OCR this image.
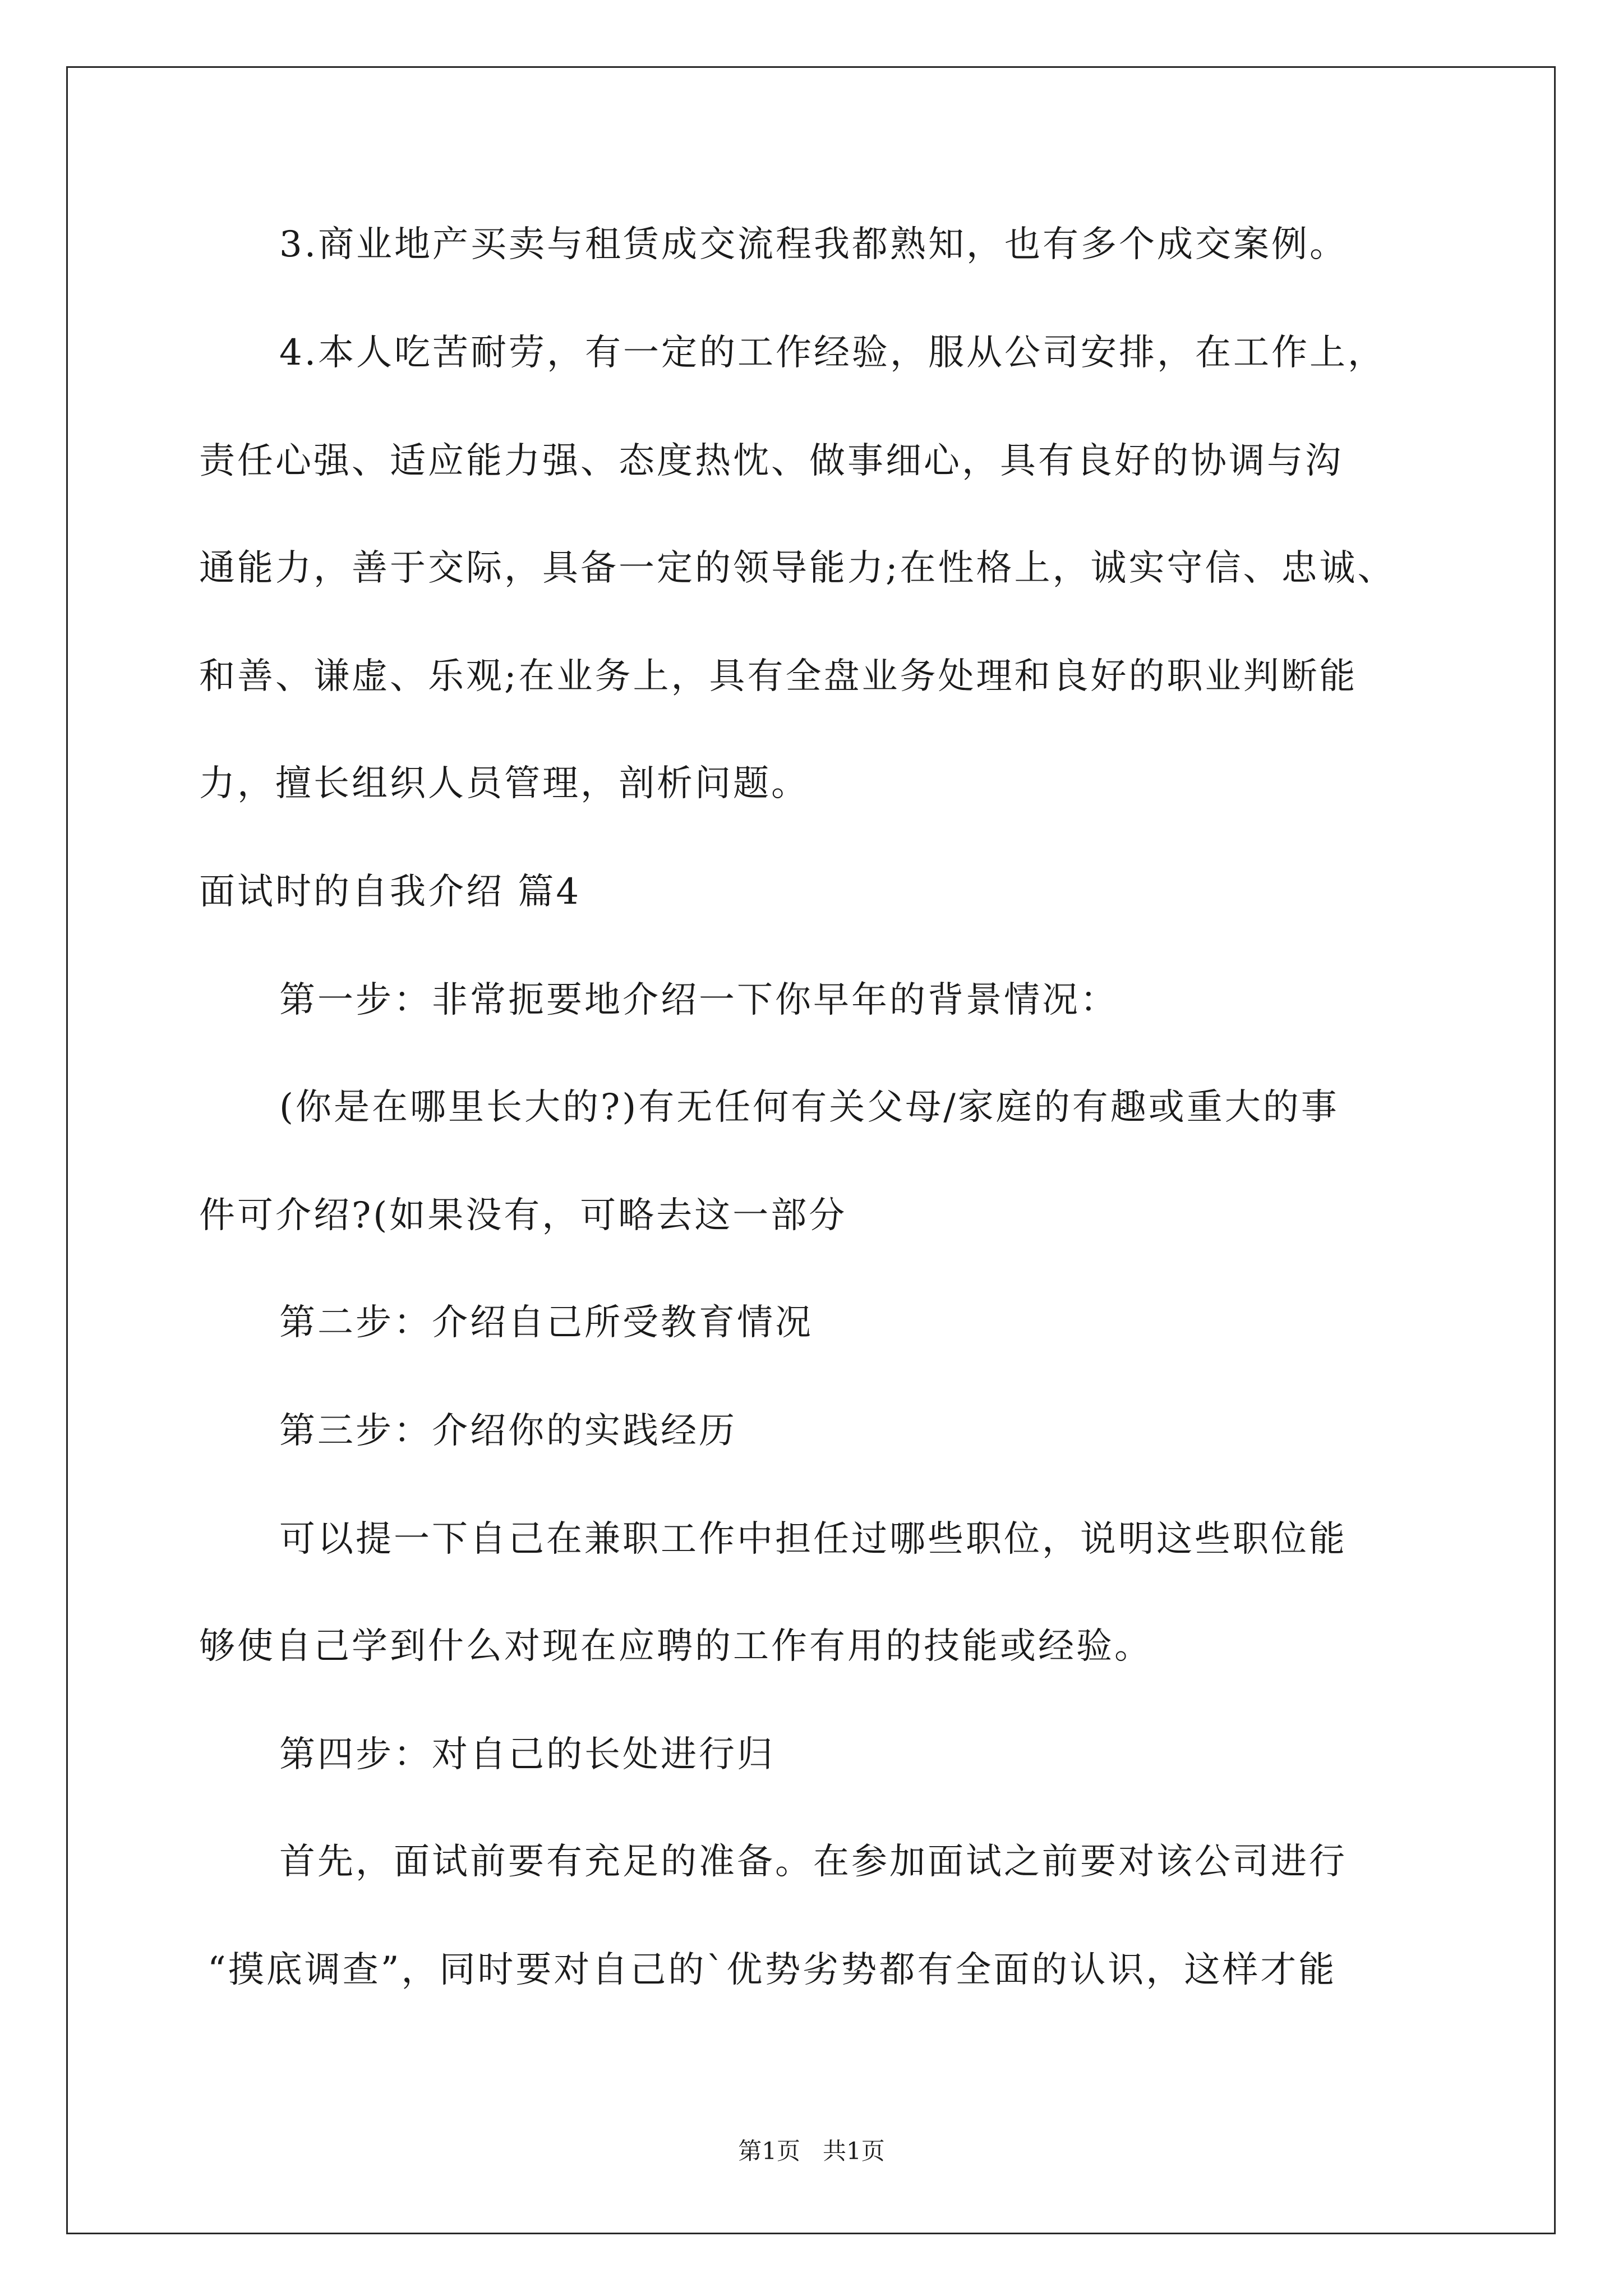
3.商业地产买卖与租赁成交流程我都熟知，也有多个成交案例。
4.本人吃苦耐劳，有一定的工作经验，服从公司安排，在工作上，
责任心强、适应能力强、态度热忱、做事细心，具有良好的协调与沟
通能力，善于交际，具备一定的领导能力;在性格上，诚实守信、忠诚、
和善、谦虚、乐观;在业务上，具有全盘业务处理和良好的职业判断能
力，擅长组织人员管理，剖析问题。
面试时的自我介绍 篇4
第一步：非常扼要地介绍一下你早年的背景情况：
(你是在哪里长大的?)有无任何有关父母/家庭的有趣或重大的事
件可介绍?(如果没有，可略去这一部分
第二步：介绍自己所受教育情况
第三步：介绍你的实践经历
可以提一下自己在兼职工作中担任过哪些职位，说明这些职位能
够使自己学到什么对现在应聘的工作有用的技能或经验。
第四步：对自己的长处进行归
首先，面试前要有充足的准备。在参加面试之前要对该公司进行
“摸底调查”，同时要对自己的`优势劣势都有全面的认识，这样才能
第1页   共1页
